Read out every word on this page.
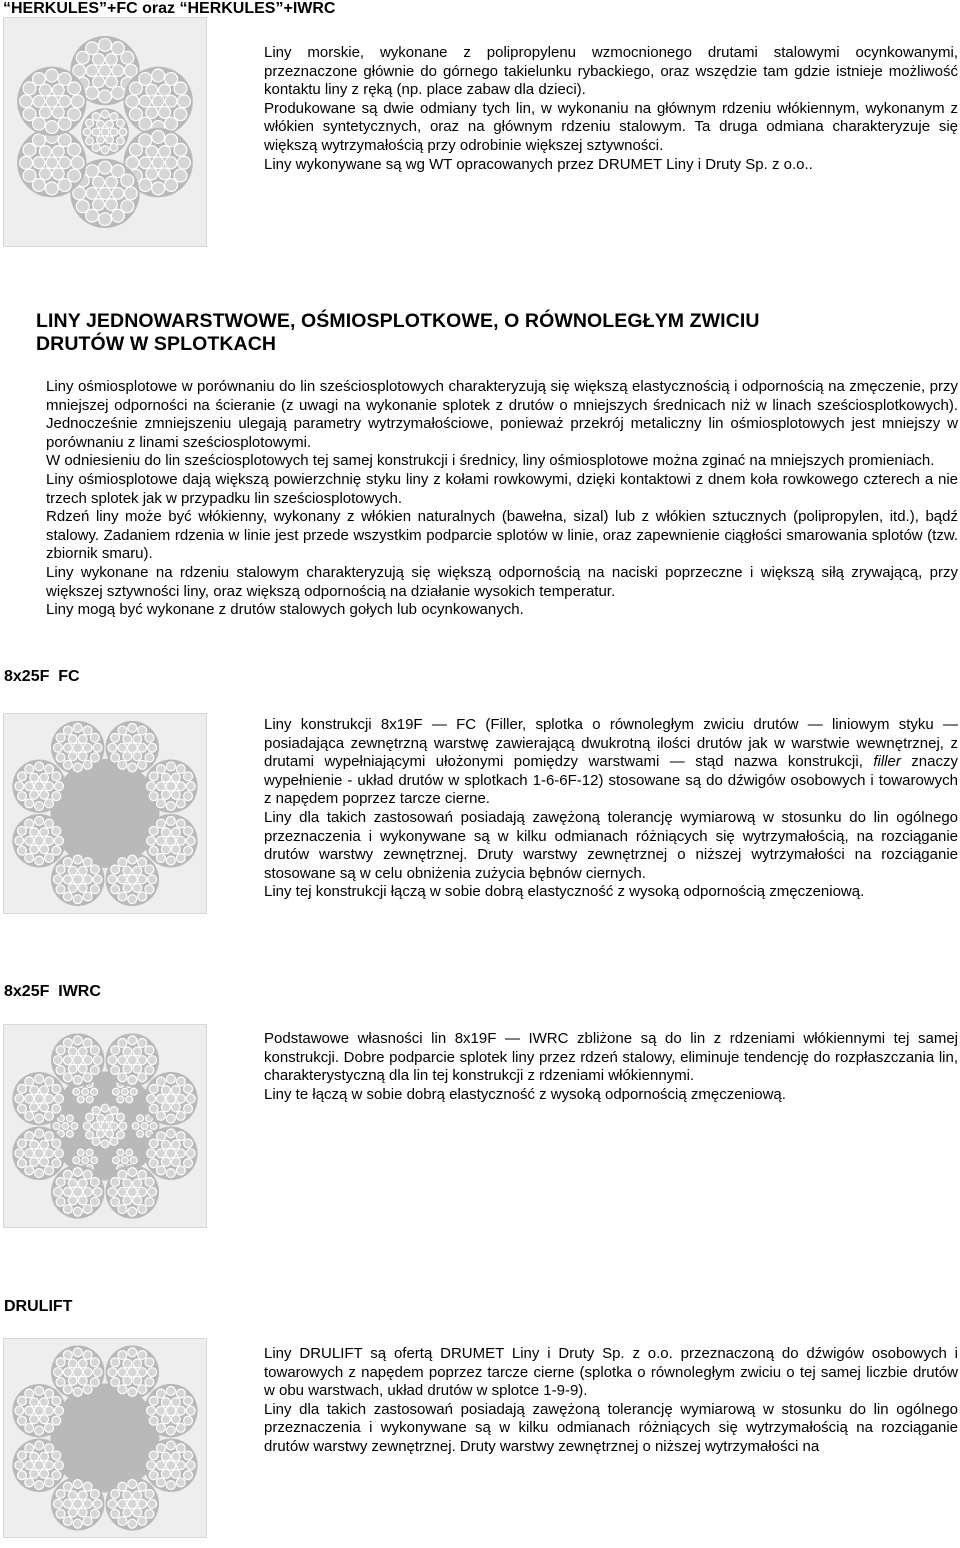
“HERKULES”+FC oraz “HERKULES”+IWRC

Liny morskie, wykonane z polipropylenu wzmocnionego drutami stalowymi ocynkowanymi, przeznaczone głównie do górnego takielunku rybackiego, oraz wszędzie tam gdzie istnieje możliwość kontaktu liny z ręką (np. place zabaw dla dzieci).

Produkowane są dwie odmiany tych lin, w wykonaniu na głównym rdzeniu włókiennym, wykonanym z włókien syntetycznych, oraz na głównym rdzeniu stalowym. Ta druga odmiana charakteryzuje się większą wytrzymałością przy odrobinie większej sztywności.

Liny wykonywane są wg WT opracowanych przez DRUMET Liny i Druty Sp. z o.o..

LINY JEDNOWARSTWOWE, OŚMIOSPLOTKOWE, O RÓWNOLEGŁYM ZWICIU
DRUTÓW W SPLOTKACH

Liny ośmiosplotowe w porównaniu do lin sześciosplotowych charakteryzują się większą elastycznością i odpornością na zmęczenie, przy mniejszej odporności na ścieranie (z uwagi na wykonanie splotek z drutów o mniejszych średnicach niż w linach sześciosplotkowych). Jednocześnie zmniejszeniu ulegają parametry wytrzymałościowe, ponieważ przekrój metaliczny lin ośmiosplotowych jest mniejszy w porównaniu z linami sześciosplotowymi.

W odniesieniu do lin sześciosplotowych tej samej konstrukcji i średnicy, liny ośmiosplotowe można zginać na mniejszych promieniach.

Liny ośmiosplotowe dają większą powierzchnię styku liny z kołami rowkowymi, dzięki kontaktowi z dnem koła rowkowego czterech a nie trzech splotek jak w przypadku lin sześciosplotowych.

Rdzeń liny może być włókienny, wykonany z włókien naturalnych (bawełna, sizal) lub z włókien sztucznych (polipropylen, itd.), bądź stalowy. Zadaniem rdzenia w linie jest przede wszystkim podparcie splotów w linie, oraz zapewnienie ciągłości smarowania splotów (tzw. zbiornik smaru).

Liny wykonane na rdzeniu stalowym charakteryzują się większą odpornością na naciski poprzeczne i większą siłą zrywającą, przy większej sztywności liny, oraz większą odpornością na działanie wysokich temperatur.

Liny mogą być wykonane z drutów stalowych gołych lub ocynkowanych.

8x25F  FC

Liny konstrukcji 8x19F — FC (Filler, splotka o równoległym zwiciu drutów — liniowym styku — posiadająca zewnętrzną warstwę zawierającą dwukrotną ilości drutów jak w warstwie wewnętrznej, z drutami wypełniającymi ułożonymi pomiędzy warstwami — stąd nazwa konstrukcji, filler znaczy wypełnienie - układ drutów w splotkach 1-6-6F-12) stosowane są do dźwigów osobowych i towarowych z napędem poprzez tarcze cierne.

Liny dla takich zastosowań posiadają zawężoną tolerancję wymiarową w stosunku do lin ogólnego przeznaczenia i wykonywane są w kilku odmianach różniących się wytrzymałością, na rozciąganie drutów warstwy zewnętrznej. Druty warstwy zewnętrznej o niższej wytrzymałości na rozciąganie stosowane są w celu obniżenia zużycia bębnów ciernych.

Liny tej konstrukcji łączą w sobie dobrą elastyczność z wysoką odpornością zmęczeniową.

8x25F  IWRC

Podstawowe własności lin 8x19F — IWRC zbliżone są do lin z rdzeniami włókiennymi tej samej konstrukcji. Dobre podparcie splotek liny przez rdzeń stalowy, eliminuje tendencję do rozpłaszczania lin, charakterystyczną dla lin tej konstrukcji z rdzeniami włókiennymi.

Liny te łączą w sobie dobrą elastyczność z wysoką odpornością zmęczeniową.

DRULIFT

Liny DRULIFT są ofertą DRUMET Liny i Druty Sp. z o.o. przeznaczoną do dźwigów osobowych i towarowych z napędem poprzez tarcze cierne (splotka o równoległym zwiciu o tej samej liczbie drutów w obu warstwach, układ drutów w splotce 1-9-9).

Liny dla takich zastosowań posiadają zawężoną tolerancję wymiarową w stosunku do lin ogólnego przeznaczenia i wykonywane są w kilku odmianach różniących się wytrzymałością na rozciąganie drutów warstwy zewnętrznej. Druty warstwy zewnętrznej o niższej wytrzymałości na
